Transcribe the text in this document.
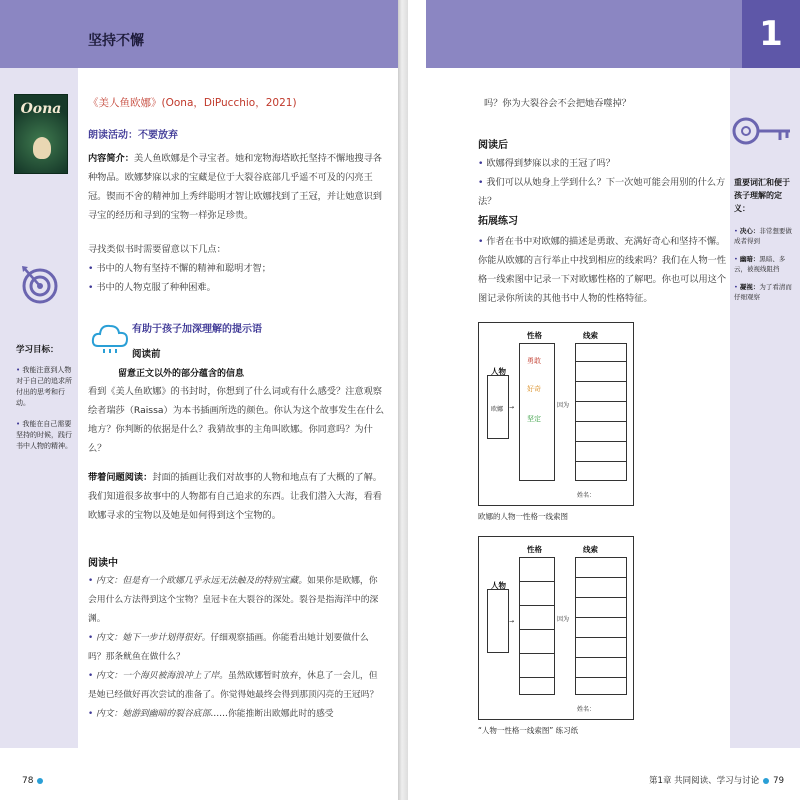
坚持不懈
Oona	《美人鱼欧娜》(Oona，DiPucchio，2021)
朗读活动：不要放弃
内容简介：美人鱼欧娜是个寻宝者。她和宠物海塔欧托坚持不懈地搜寻各种物品。欧娜梦寐以求的宝藏是位于大裂谷底部几乎遥不可及的闪亮王冠。锲而不舍的精神加上秀绊聪明才智让欧娜找到了王冠，并让她意识到寻宝的经历和寻到的宝物一样弥足珍贵。
寻找类似书时需要留意以下几点：
• 书中的人物有坚持不懈的精神和聪明才智；
• 书中的人物克服了种种困难。
学习目标：
• 我能注意到人物对于自己的追求所付出的思考和行动。
• 我能在自己需要坚持的时候，践行书中人物的精神。
有助于孩子加深理解的提示语
阅读前
留意正文以外的部分蕴含的信息
看到《美人鱼欧娜》的书封时，你想到了什么词或有什么感受？注意观察绘者瑞莎（Raissa）为本书插画所选的颜色。你认为这个故事发生在什么地方？你判断的依据是什么？我猜故事的主角叫欧娜。你同意吗？为什么？
带着问题阅读：封面的插画让我们对故事的人物和地点有了大概的了解。我们知道很多故事中的人物都有自己追求的东西。让我们潜入大海，看看欧娜寻求的宝物以及她是如何得到这个宝物的。
阅读中
• 内文：但是有一个欧娜几乎永远无法触及的特别宝藏。如果你是欧娜，你会用什么方法得到这个宝物？皇冠卡在大裂谷的深处。裂谷是指海洋中的深渊。
• 内文：她下一步计划得很好。仔细观察插画。你能看出她计划要做什么吗？那条鱿鱼在做什么？
• 内文：一个海贝被海浪冲上了岸。虽然欧娜暂时放弃，休息了一会儿，但是她已经做好再次尝试的准备了。你觉得她最终会得到那顶闪亮的王冠吗？
• 内文：她游到幽暗的裂谷底部……你能推断出欧娜此时的感受
78
1
吗？你为大裂谷会不会把她吞噬掉？
阅读后
• 欧娜得到梦寐以求的王冠了吗？
• 我们可以从她身上学到什么？下一次她可能会用别的什么方法？
拓展练习
• 作者在书中对欧娜的描述是勇敢、充满好奇心和坚持不懈。你能从欧娜的言行举止中找到相应的线索吗？我们在人物一性格一线索图中记录一下对欧娜性格的了解吧。你也可以用这个图记录你所读的其他书中人物的性格特征。
重要词汇和便于孩子理解的定义：
• 决心：非常想要做成者得到
• 幽暗：黑暗、多云，被视线阻挡
• 凝视：为了看清而仔细观察
性格	线索
人物
欧娜 →
勇敢
好奇
坚定
因为
姓名：
欧娜的人物一性格一线索图
性格	线索
人物
→	因为
姓名：
“人物一性格一线索图” 练习纸
第1章 共同阅读、学习与讨论 79
